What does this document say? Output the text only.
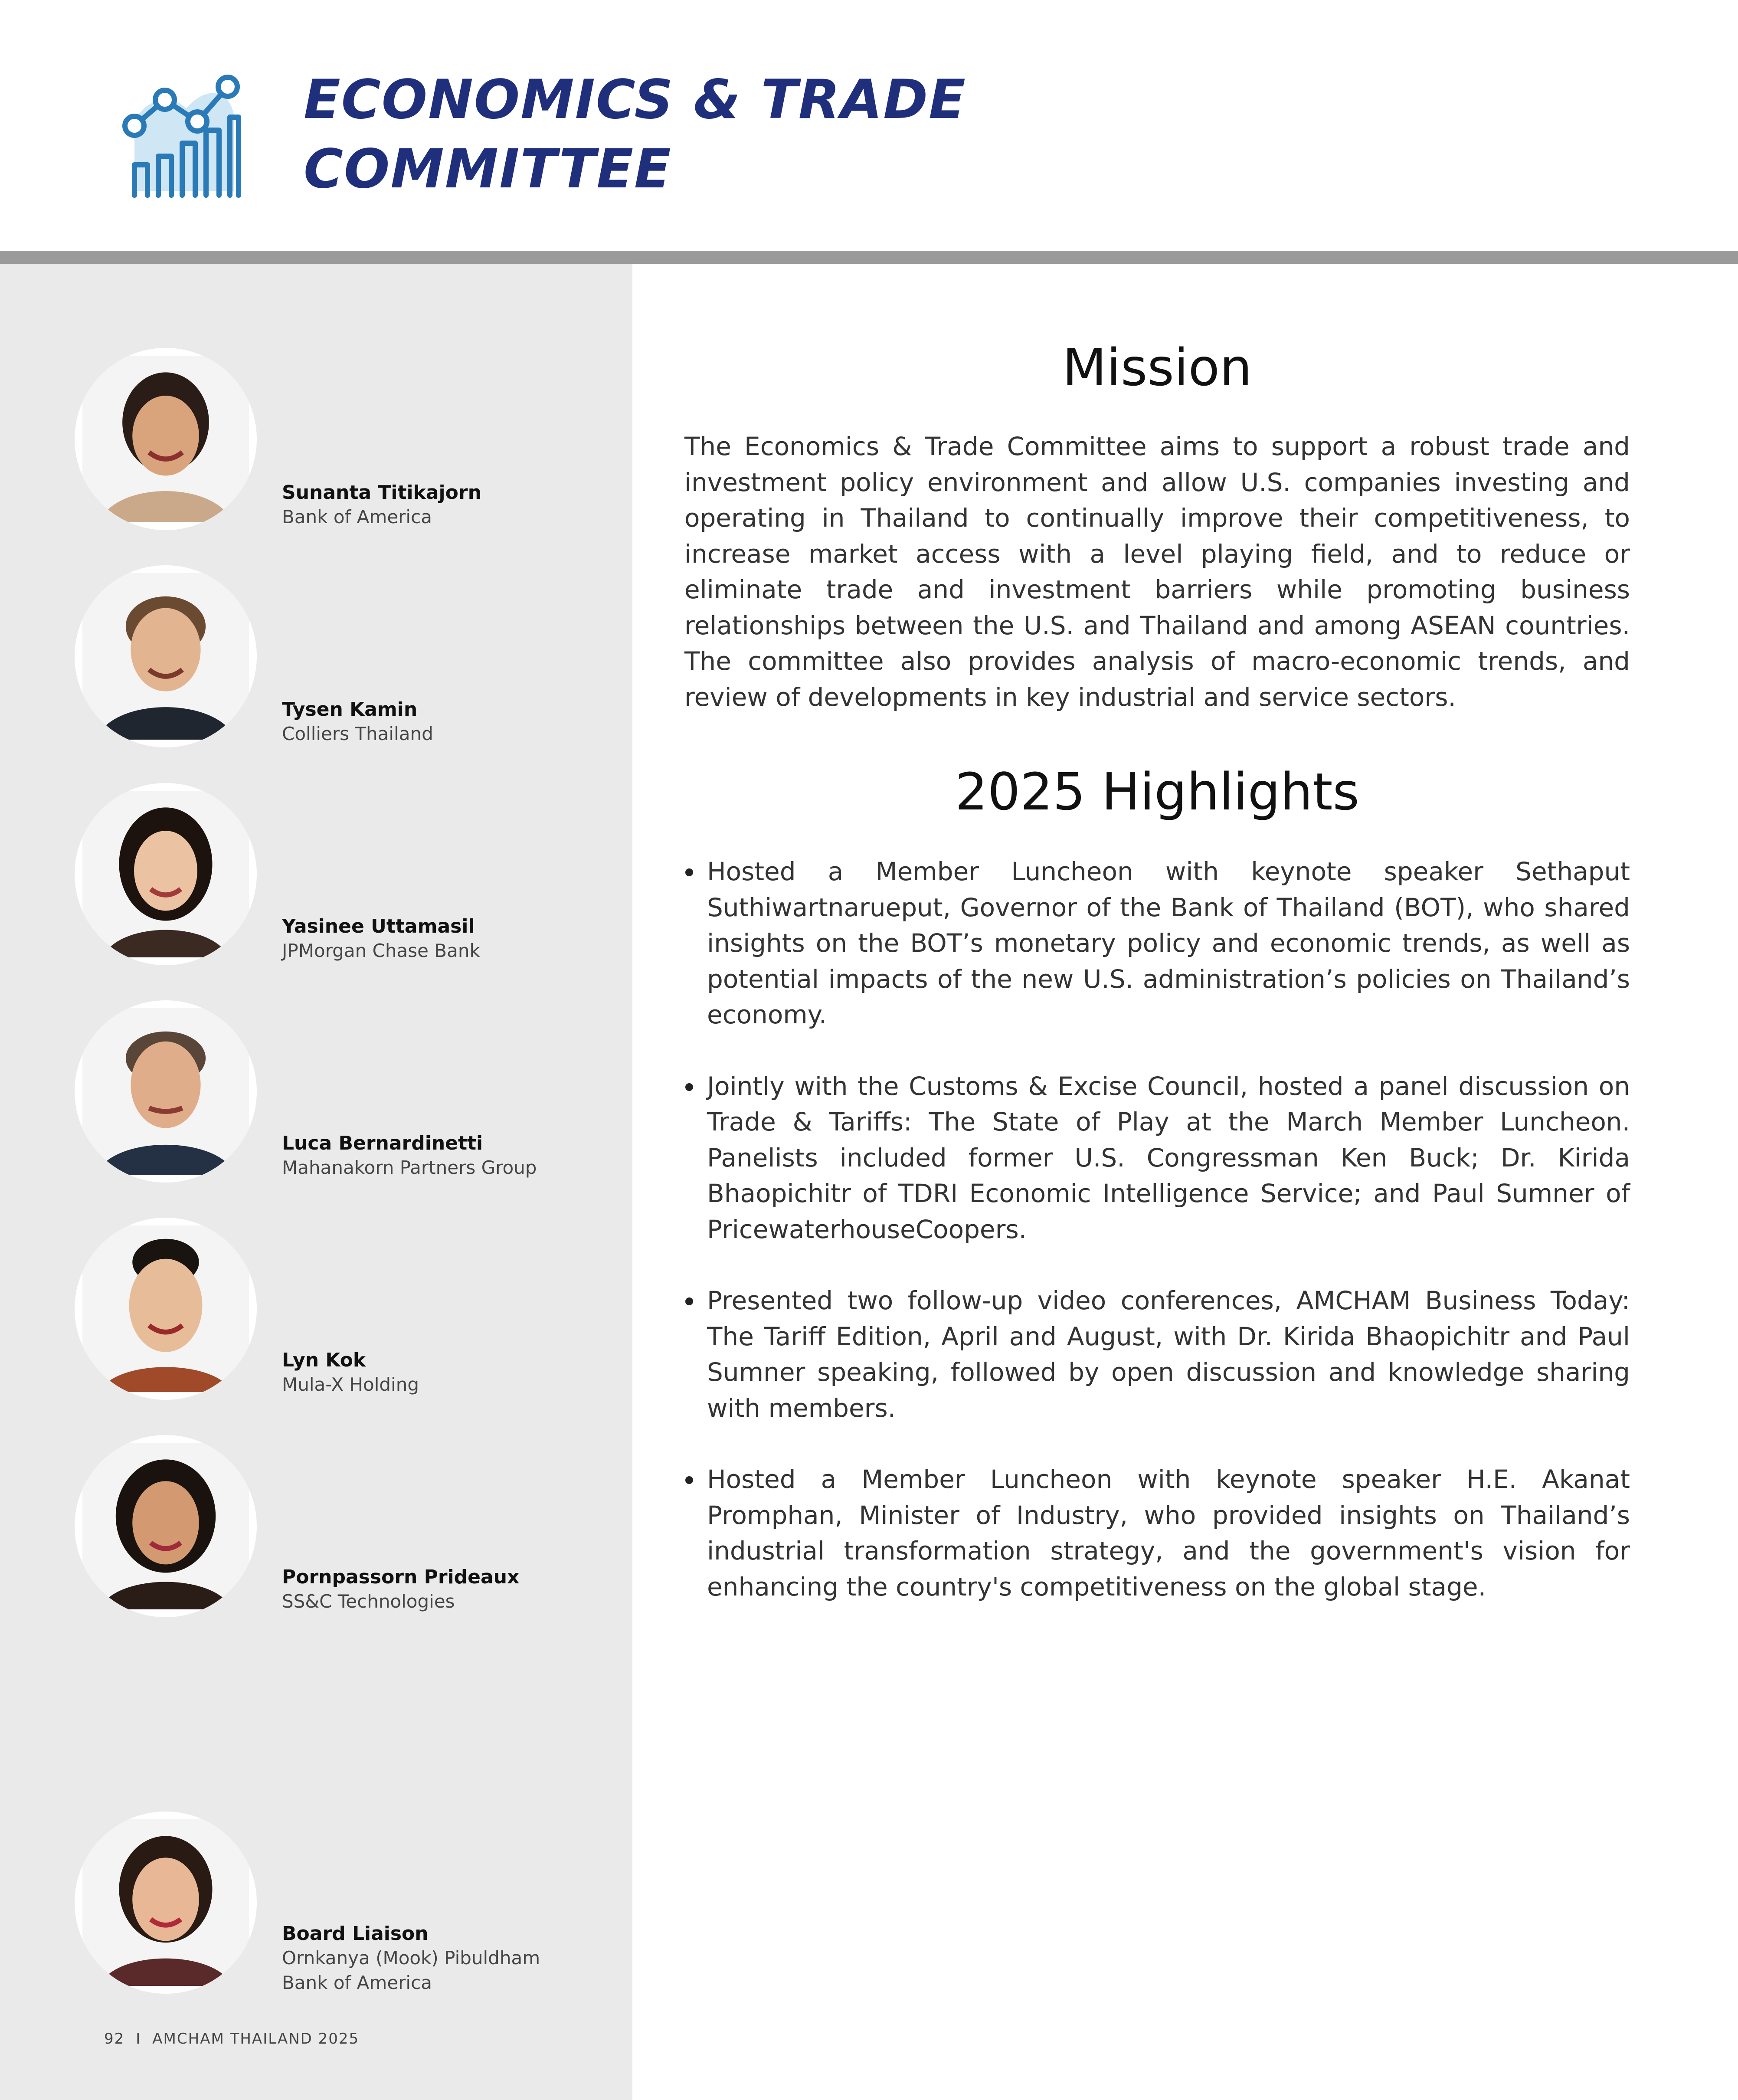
ECONOMICS & TRADE
COMMITTEE

Sunanta Titikajorn

Bank of America

Tysen Kamin

Colliers Thailand

Yasinee Uttamasil

JPMorgan Chase Bank

Luca Bernardinetti

Mahanakorn Partners Group

Lyn Kok

Mula-X Holding

Pornpassorn Prideaux

SS&C Technologies

Board Liaison

Ornkanya (Mook) Pibuldham

Bank of America

92 I AMCHAM THAILAND 2025
Mission

The Economics & Trade Committee aims to support a robust trade and investment policy environment and allow U.S. companies investing and operating in Thailand to continually improve their competitiveness, to increase market access with a level playing field, and to reduce or eliminate trade and investment barriers while promoting business relationships between the U.S. and Thailand and among ASEAN countries. The committee also provides analysis of macro-economic trends, and review of developments in key industrial and service sectors.

2025 Highlights
Hosted a Member Luncheon with keynote speaker Sethaput Suthiwartnarueput, Governor of the Bank of Thailand (BOT), who shared insights on the BOT’s monetary policy and economic trends, as well as potential impacts of the new U.S. administration’s policies on Thailand’s economy.
Jointly with the Customs & Excise Council, hosted a panel discussion on Trade & Tariffs: The State of Play at the March Member Luncheon. Panelists included former U.S. Congressman Ken Buck; Dr. Kirida Bhaopichitr of TDRI Economic Intelligence Service; and Paul Sumner of PricewaterhouseCoopers.
Presented two follow-up video conferences, AMCHAM Business Today: The Tariff Edition, April and August, with Dr. Kirida Bhaopichitr and Paul Sumner speaking, followed by open discussion and knowledge sharing with members.
Hosted a Member Luncheon with keynote speaker H.E. Akanat Promphan, Minister of Industry, who provided insights on Thailand’s industrial transformation strategy, and the government's vision for enhancing the country's competitiveness on the global stage.
